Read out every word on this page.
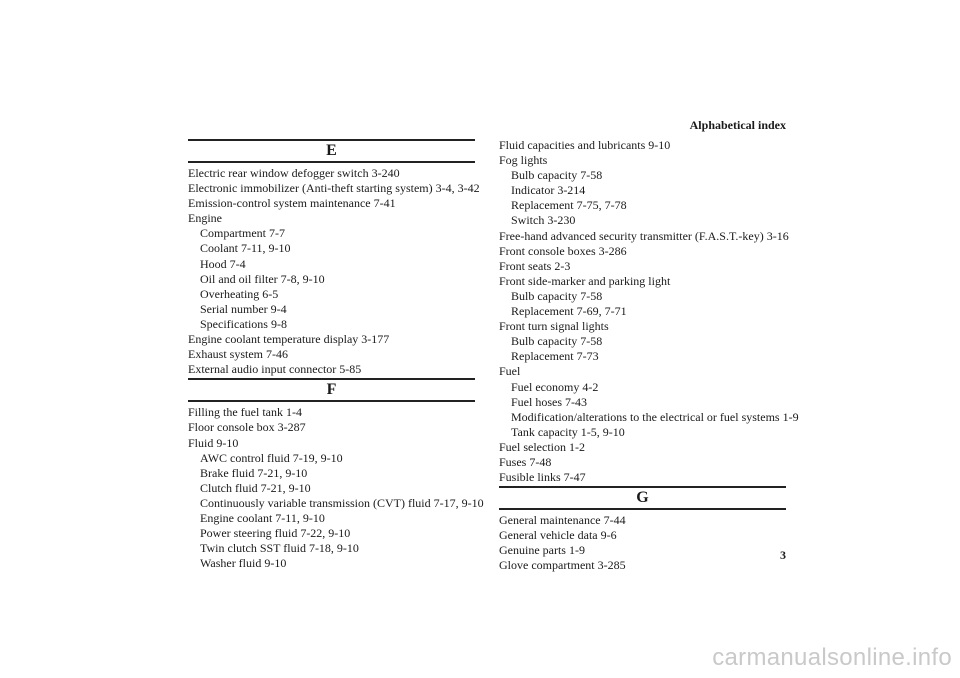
Alphabetical index
E
Electric rear window defogger switch 3-240
Electronic immobilizer (Anti-theft starting system) 3-4, 3-42
Emission-control system maintenance 7-41
Engine
Compartment 7-7
Coolant 7-11, 9-10
Hood 7-4
Oil and oil filter 7-8, 9-10
Overheating 6-5
Serial number 9-4
Specifications 9-8
Engine coolant temperature display 3-177
Exhaust system 7-46
External audio input connector 5-85
F
Filling the fuel tank 1-4
Floor console box 3-287
Fluid 9-10
AWC control fluid 7-19, 9-10
Brake fluid 7-21, 9-10
Clutch fluid 7-21, 9-10
Continuously variable transmission (CVT) fluid 7-17, 9-10
Engine coolant 7-11, 9-10
Power steering fluid 7-22, 9-10
Twin clutch SST fluid 7-18, 9-10
Washer fluid 9-10
Fluid capacities and lubricants 9-10
Fog lights
Bulb capacity 7-58
Indicator 3-214
Replacement 7-75, 7-78
Switch 3-230
Free-hand advanced security transmitter (F.A.S.T.-key) 3-16
Front console boxes 3-286
Front seats 2-3
Front side-marker and parking light
Bulb capacity 7-58
Replacement 7-69, 7-71
Front turn signal lights
Bulb capacity 7-58
Replacement 7-73
Fuel
Fuel economy 4-2
Fuel hoses 7-43
Modification/alterations to the electrical or fuel systems 1-9
Tank capacity 1-5, 9-10
Fuel selection 1-2
Fuses 7-48
Fusible links 7-47
G
General maintenance 7-44
General vehicle data 9-6
Genuine parts 1-9
Glove compartment 3-285
3
carmanualsonline.info
